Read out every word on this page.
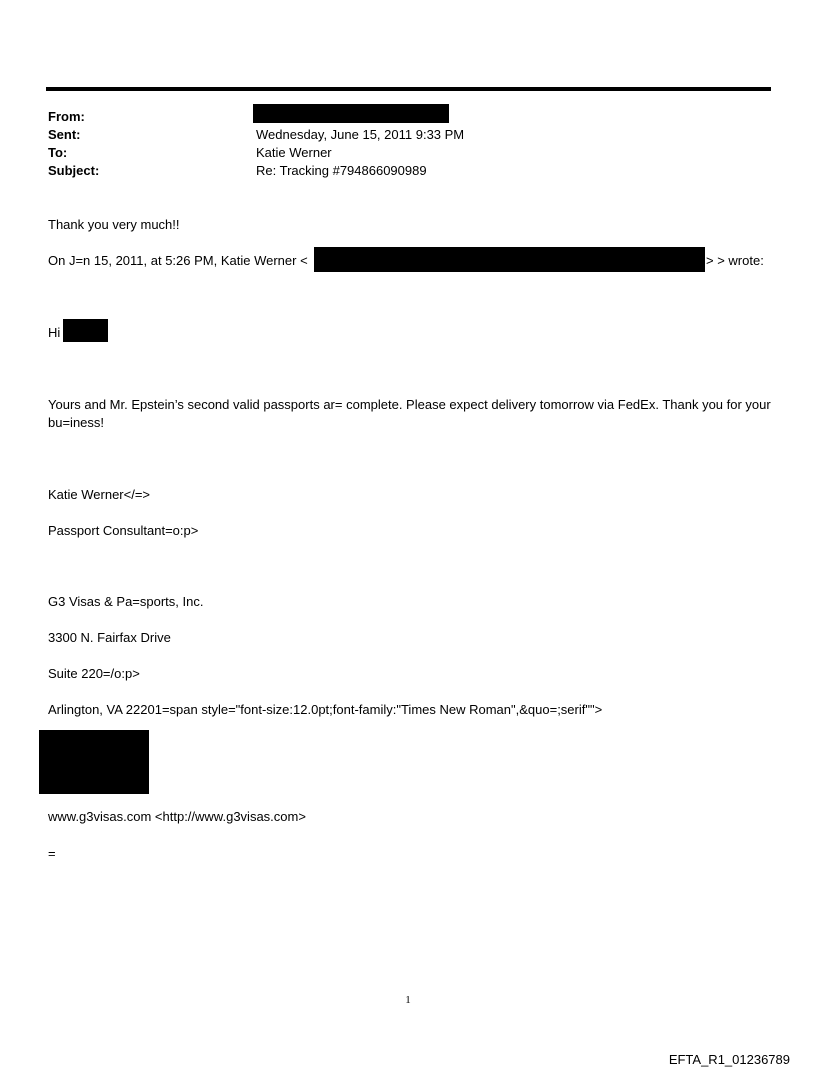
From:
Sent:	Wednesday, June 15, 2011 9:33 PM
To:	Katie Werner
Subject:	Re: Tracking #794866090989
Thank you very much!!
On J=n 15, 2011, at 5:26 PM, Katie Werner <	> > wrote:
Hi
Yours and Mr. Epstein’s second valid passports ar= complete. Please expect delivery tomorrow via FedEx. Thank you for your bu=iness!
Katie Werner</=>
Passport Consultant=o:p>
G3 Visas & Pa=sports, Inc.
3300 N. Fairfax Drive
Suite 220=/o:p>
Arlington, VA 22201=span style="font-size:12.0pt;font-family:"Times New Roman",&quo=;serif"">
www.g3visas.com <http://www.g3visas.com>
=
1
EFTA_R1_01236789
